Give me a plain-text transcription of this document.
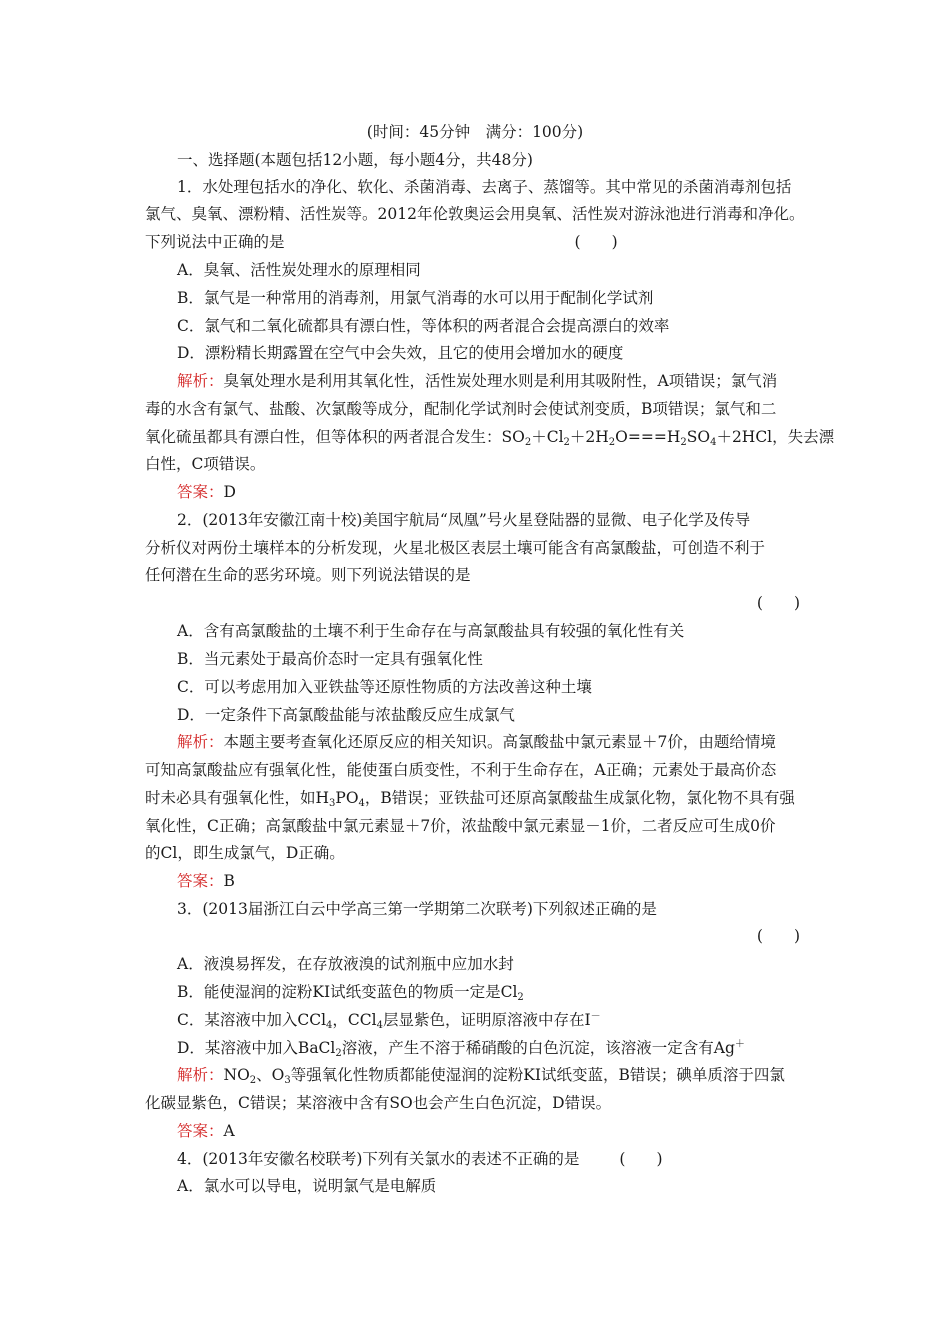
(时间：45分钟　满分：100分)
一、选择题(本题包括12小题，每小题4分，共48分)
1．水处理包括水的净化、软化、杀菌消毒、去离子、蒸馏等。其中常见的杀菌消毒剂包括
氯气、臭氧、漂粉精、活性炭等。2012年伦敦奥运会用臭氧、活性炭对游泳池进行消毒和净化。
下列说法中正确的是	(　　)
A．臭氧、活性炭处理水的原理相同
B．氯气是一种常用的消毒剂，用氯气消毒的水可以用于配制化学试剂
C．氯气和二氧化硫都具有漂白性，等体积的两者混合会提高漂白的效率
D．漂粉精长期露置在空气中会失效，且它的使用会增加水的硬度
解析：臭氧处理水是利用其氧化性，活性炭处理水则是利用其吸附性，A项错误；氯气消
毒的水含有氯气、盐酸、次氯酸等成分，配制化学试剂时会使试剂变质，B项错误；氯气和二
氧化硫虽都具有漂白性，但等体积的两者混合发生：$SO_2+Cl_2+2H_2O===H_2SO_4+2HCl$，失去漂
白性，C项错误。
答案：D
2．(2013年安徽江南十校)美国宇航局“凤凰”号火星登陆器的显微、电子化学及传导
分析仪对两份土壤样本的分析发现，火星北极区表层土壤可能含有高氯酸盐，可创造不利于
任何潜在生命的恶劣环境。则下列说法错误的是
(　　)
A．含有高氯酸盐的土壤不利于生命存在与高氯酸盐具有较强的氧化性有关
B．当元素处于最高价态时一定具有强氧化性
C．可以考虑用加入亚铁盐等还原性物质的方法改善这种土壤
D．一定条件下高氯酸盐能与浓盐酸反应生成氯气
解析：本题主要考查氧化还原反应的相关知识。高氯酸盐中氯元素显＋7价，由题给情境
可知高氯酸盐应有强氧化性，能使蛋白质变性，不利于生命存在，A正确；元素处于最高价态
时未必具有强氧化性，如$H_3PO_4$，B错误；亚铁盐可还原高氯酸盐生成氯化物，氯化物不具有强
氧化性，C正确；高氯酸盐中氯元素显＋7价，浓盐酸中氯元素显－1价，二者反应可生成0价
的Cl，即生成氯气，D正确。
答案：B
3．(2013届浙江白云中学高三第一学期第二次联考)下列叙述正确的是
(　　)
A．液溴易挥发，在存放液溴的试剂瓶中应加水封
B．能使湿润的淀粉KI试纸变蓝色的物质一定是$Cl_2$
C．某溶液中加入CCl$_4$，CCl$_4$层显紫色，证明原溶液中存在I－
D．某溶液中加入BaCl$_2$溶液，产生不溶于稀硝酸的白色沉淀，该溶液一定含有Ag＋
解析：$NO_2$、$O_3$等强氧化性物质都能使湿润的淀粉KI试纸变蓝，B错误；碘单质溶于四氯
化碳显紫色，C错误；某溶液中含有SO也会产生白色沉淀，D错误。
答案：A
4．(2013年安徽名校联考)下列有关氯水的表述不正确的是	(　　)
A．氯水可以导电，说明氯气是电解质
